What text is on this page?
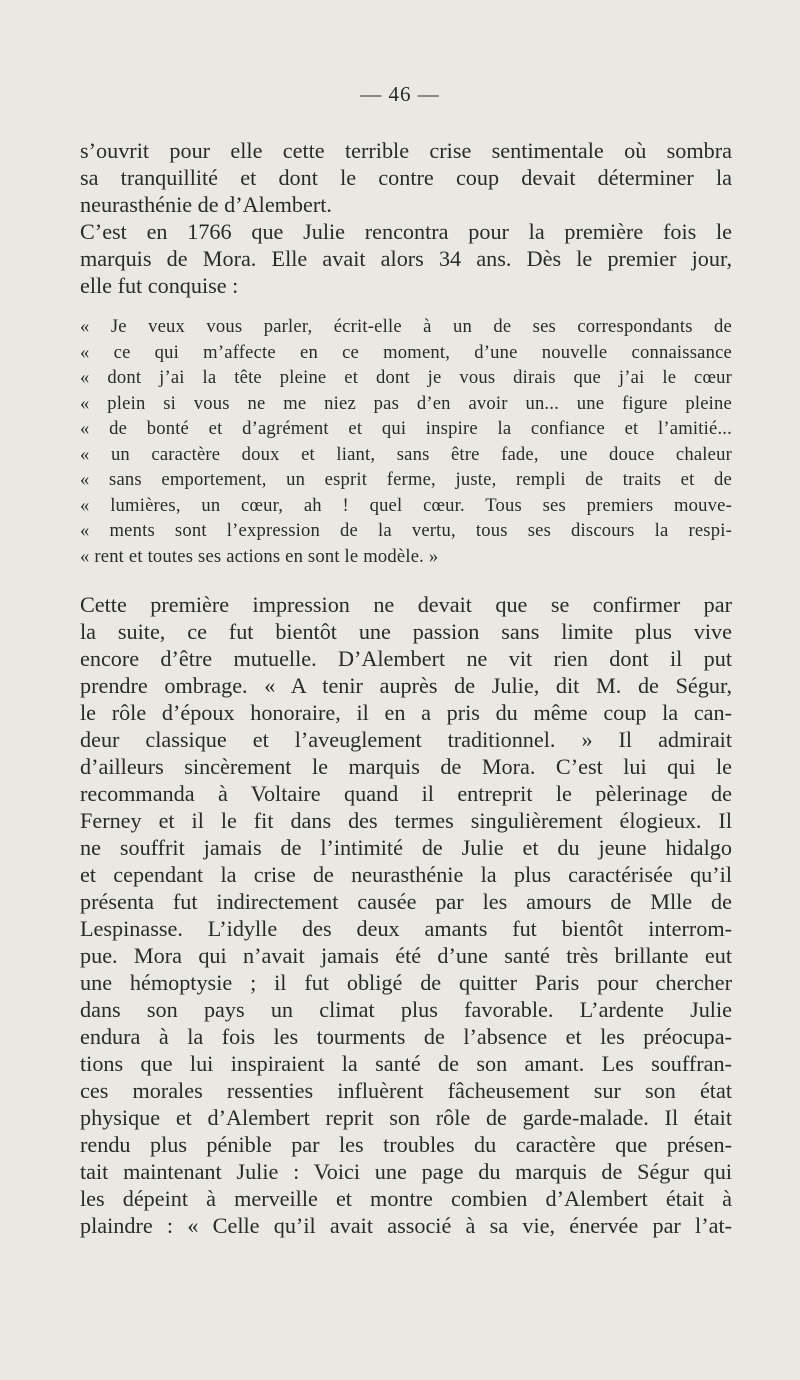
— 46 —
s’ouvrit pour elle cette terrible crise sentimentale où sombra
sa tranquillité et dont le contre coup devait déterminer la
neurasthénie de d’Alembert.
C’est en 1766 que Julie rencontra pour la première fois le
marquis de Mora. Elle avait alors 34 ans. Dès le premier jour,
elle fut conquise :
« Je veux vous parler, écrit-elle à un de ses correspondants de
« ce qui m’affecte en ce moment, d’une nouvelle connaissance
« dont j’ai la tête pleine et dont je vous dirais que j’ai le cœur
« plein si vous ne me niez pas d’en avoir un... une figure pleine
« de bonté et d’agrément et qui inspire la confiance et l’amitié...
« un caractère doux et liant, sans être fade, une douce chaleur
« sans emportement, un esprit ferme, juste, rempli de traits et de
« lumières, un cœur, ah ! quel cœur. Tous ses premiers mouve-
« ments sont l’expression de la vertu, tous ses discours la respi-
« rent et toutes ses actions en sont le modèle. »
Cette première impression ne devait que se confirmer par
la suite, ce fut bientôt une passion sans limite plus vive
encore d’être mutuelle. D’Alembert ne vit rien dont il put
prendre ombrage. « A tenir auprès de Julie, dit M. de Ségur,
le rôle d’époux honoraire, il en a pris du même coup la can-
deur classique et l’aveuglement traditionnel. » Il admirait
d’ailleurs sincèrement le marquis de Mora. C’est lui qui le
recommanda à Voltaire quand il entreprit le pèlerinage de
Ferney et il le fit dans des termes singulièrement élogieux. Il
ne souffrit jamais de l’intimité de Julie et du jeune hidalgo
et cependant la crise de neurasthénie la plus caractérisée qu’il
présenta fut indirectement causée par les amours de Mlle de
Lespinasse. L’idylle des deux amants fut bientôt interrom-
pue. Mora qui n’avait jamais été d’une santé très brillante eut
une hémoptysie ; il fut obligé de quitter Paris pour chercher
dans son pays un climat plus favorable. L’ardente Julie
endura à la fois les tourments de l’absence et les préocupa-
tions que lui inspiraient la santé de son amant. Les souffran-
ces morales ressenties influèrent fâcheusement sur son état
physique et d’Alembert reprit son rôle de garde-malade. Il était
rendu plus pénible par les troubles du caractère que présen-
tait maintenant Julie : Voici une page du marquis de Ségur qui
les dépeint à merveille et montre combien d’Alembert était à
plaindre : « Celle qu’il avait associé à sa vie, énervée par l’at-
